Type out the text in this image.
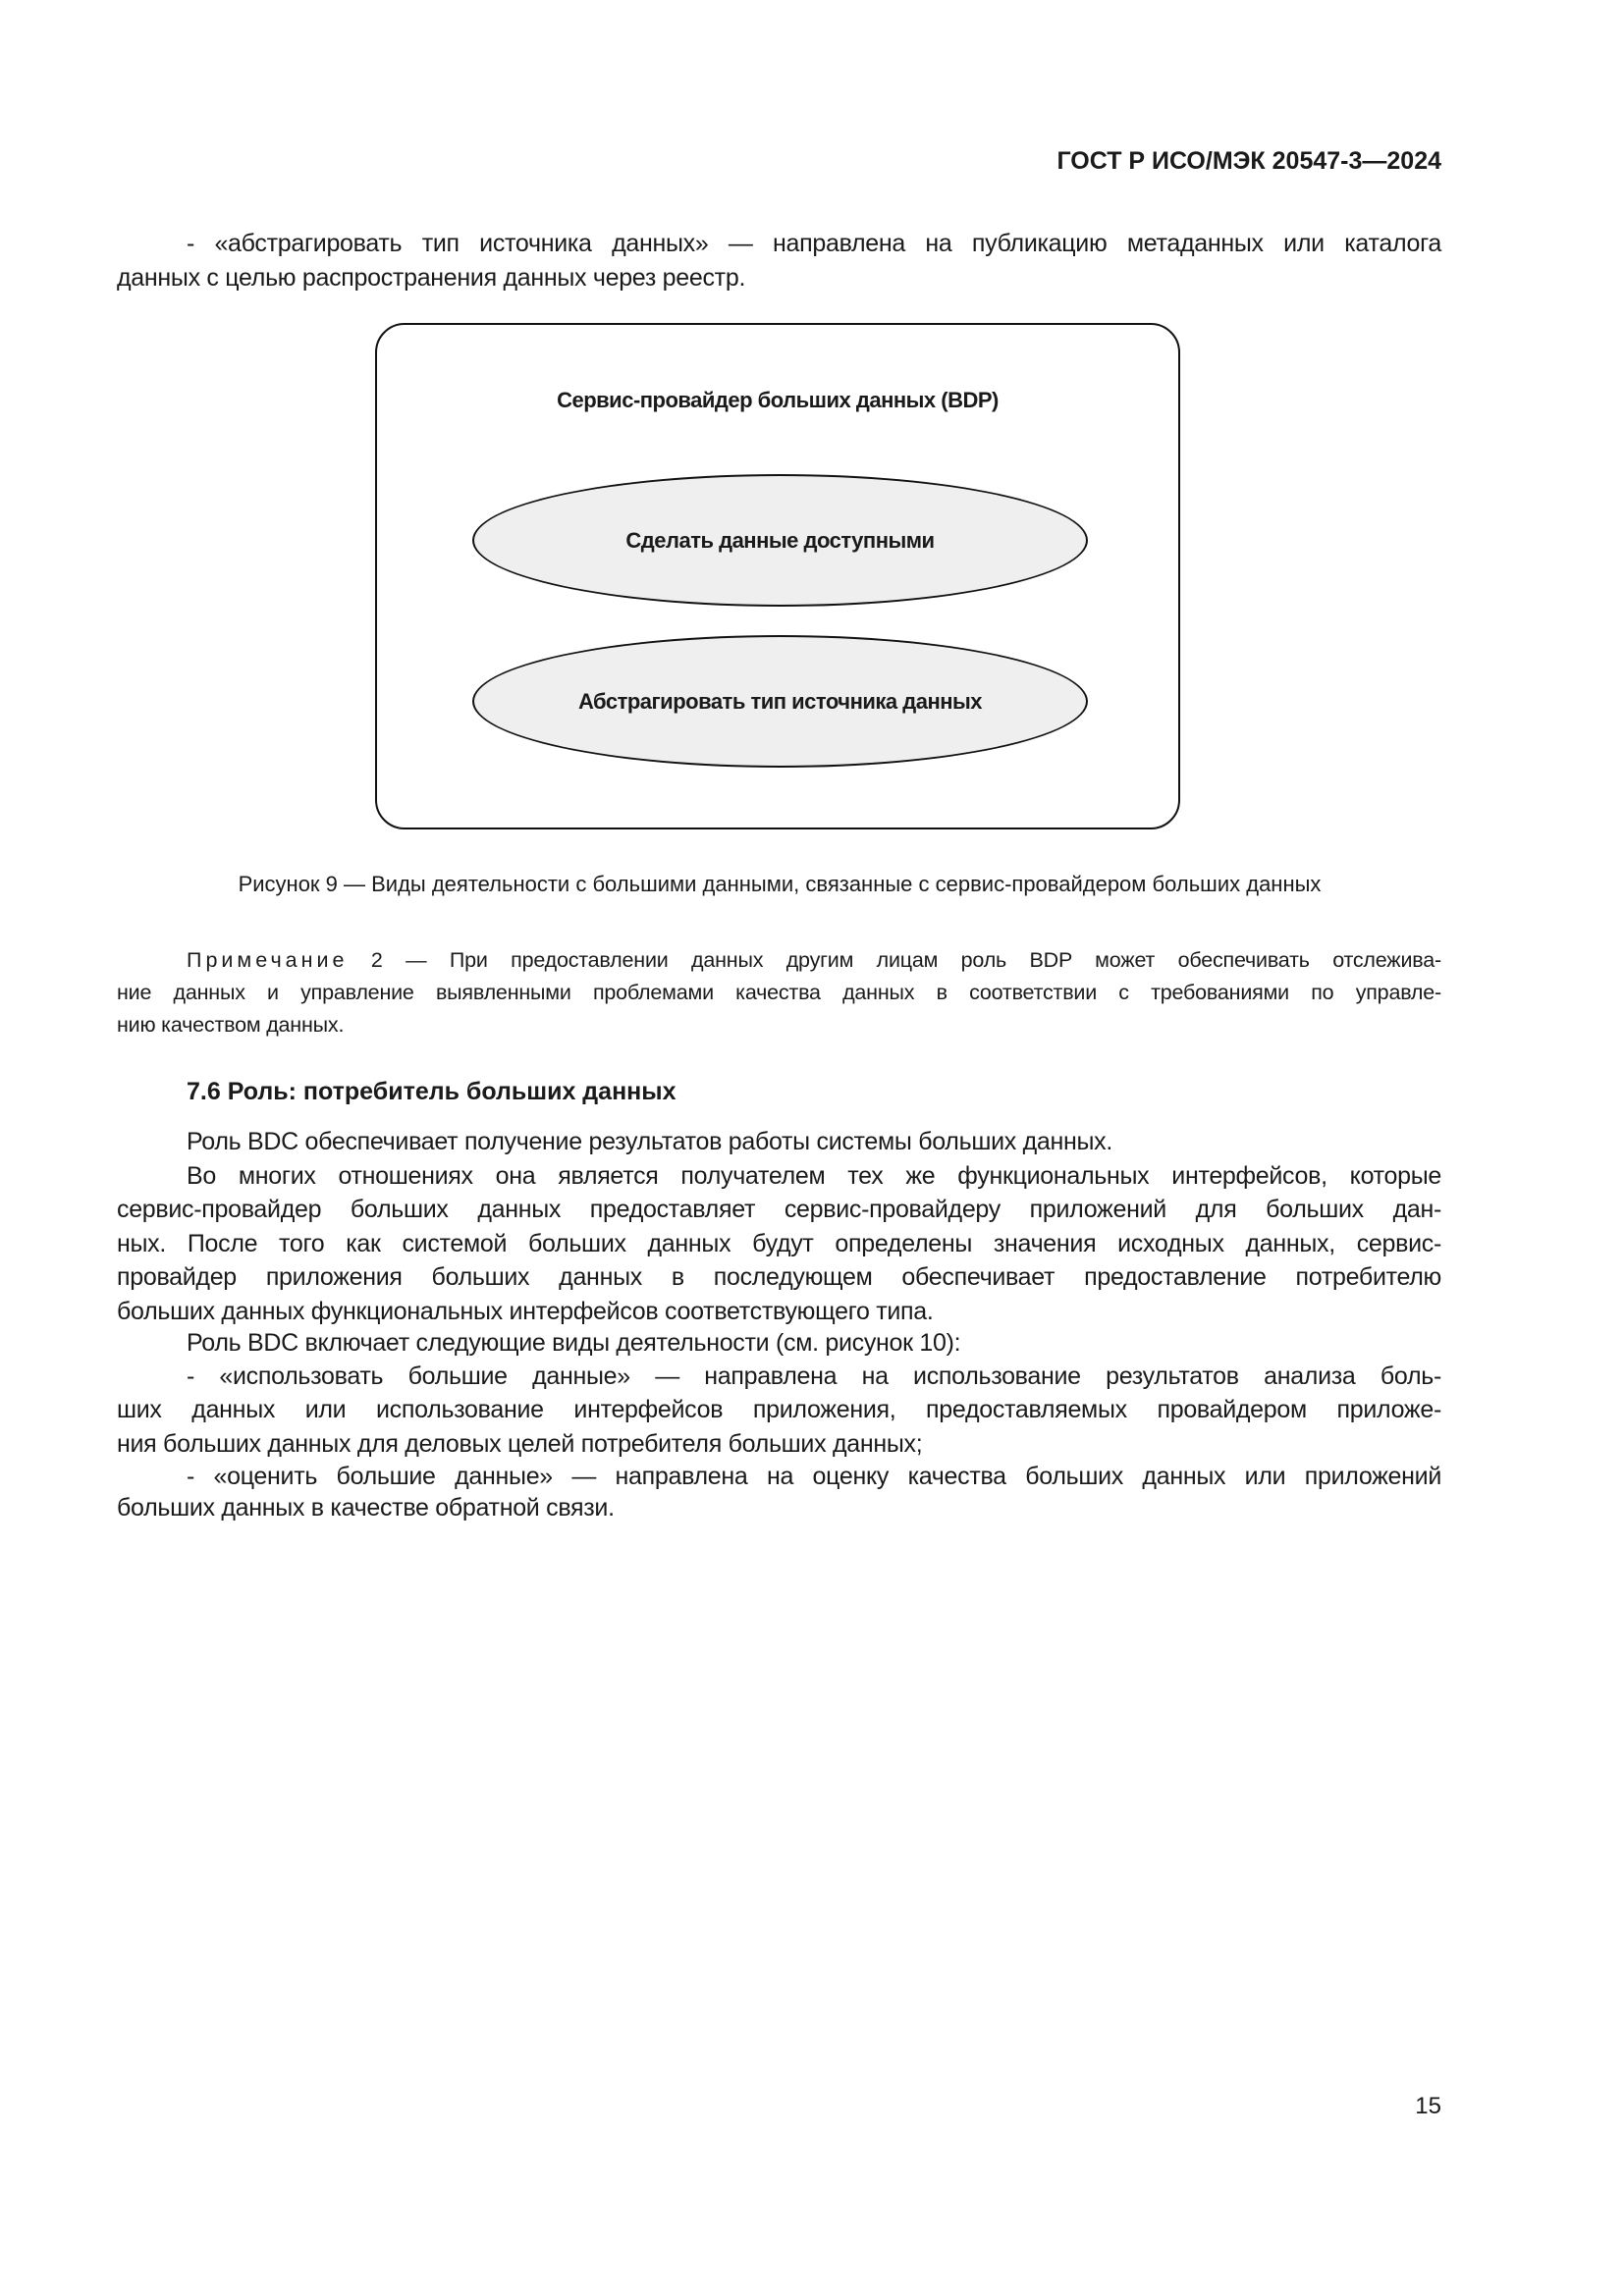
ГОСТ Р ИСО/МЭК 20547-3—2024
- «абстрагировать тип источника данных» — направлена на публикацию метаданных или каталога
данных с целью распространения данных через реестр.
Сервис-провайдер больших данных (BDP)
Сделать данные доступными
Абстрагировать тип источника данных
Рисунок 9 — Виды деятельности с большими данными, связанные с сервис-провайдером больших данных
Примечание 2 — При предоставлении данных другим лицам роль BDP может обеспечивать отслежива-
ние данных и управление выявленными проблемами качества данных в соответствии с требованиями по управле-
нию качеством данных.
7.6 Роль: потребитель больших данных
Роль BDC обеспечивает получение результатов работы системы больших данных.
Во многих отношениях она является получателем тех же функциональных интерфейсов, которые
сервис-провайдер больших данных предоставляет сервис-провайдеру приложений для больших дан-
ных. После того как системой больших данных будут определены значения исходных данных, сервис-
провайдер приложения больших данных в последующем обеспечивает предоставление потребителю
больших данных функциональных интерфейсов соответствующего типа.
Роль BDC включает следующие виды деятельности (см. рисунок 10):
- «использовать большие данные» — направлена на использование результатов анализа боль-
ших данных или использование интерфейсов приложения, предоставляемых провайдером приложе-
ния больших данных для деловых целей потребителя больших данных;
- «оценить большие данные» — направлена на оценку качества больших данных или приложений
больших данных в качестве обратной связи.
15
